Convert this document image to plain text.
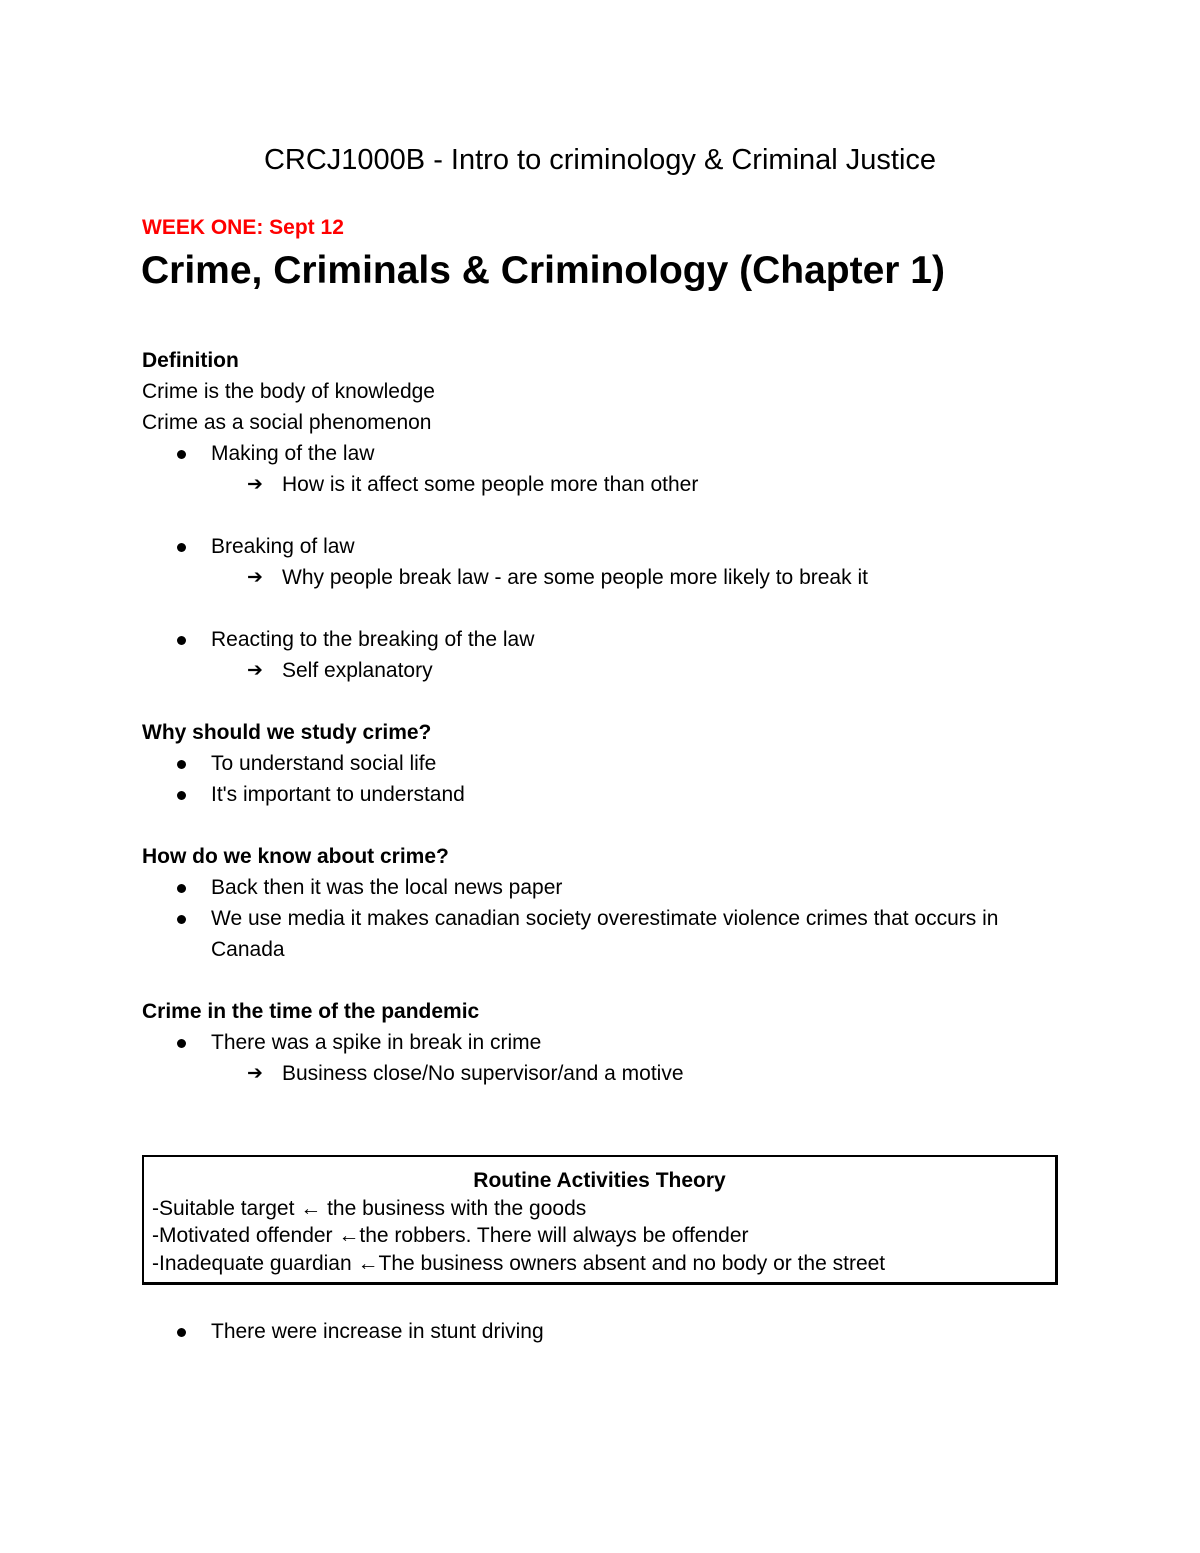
CRCJ1000B - Intro to criminology & Criminal Justice
WEEK ONE: Sept 12
Crime, Criminals & Criminology (Chapter 1)
Definition
Crime is the body of knowledge
Crime as a social phenomenon
Making of the law
➔ How is it affect some people more than other
Breaking of law
➔ Why people break law - are some people more likely to break it
Reacting to the breaking of the law
➔ Self explanatory
Why should we study crime?
To understand social life
It's important to understand
How do we know about crime?
Back then it was the local news paper
We use media it makes canadian society overestimate violence crimes that occurs in Canada
Crime in the time of the pandemic
There was a spike in break in crime
➔ Business close/No supervisor/and a motive
Routine Activities Theory
-Suitable target ← the business with the goods
-Motivated offender ←the robbers. There will always be offender
-Inadequate guardian ←The business owners absent and no body or the street
There were increase in stunt driving
